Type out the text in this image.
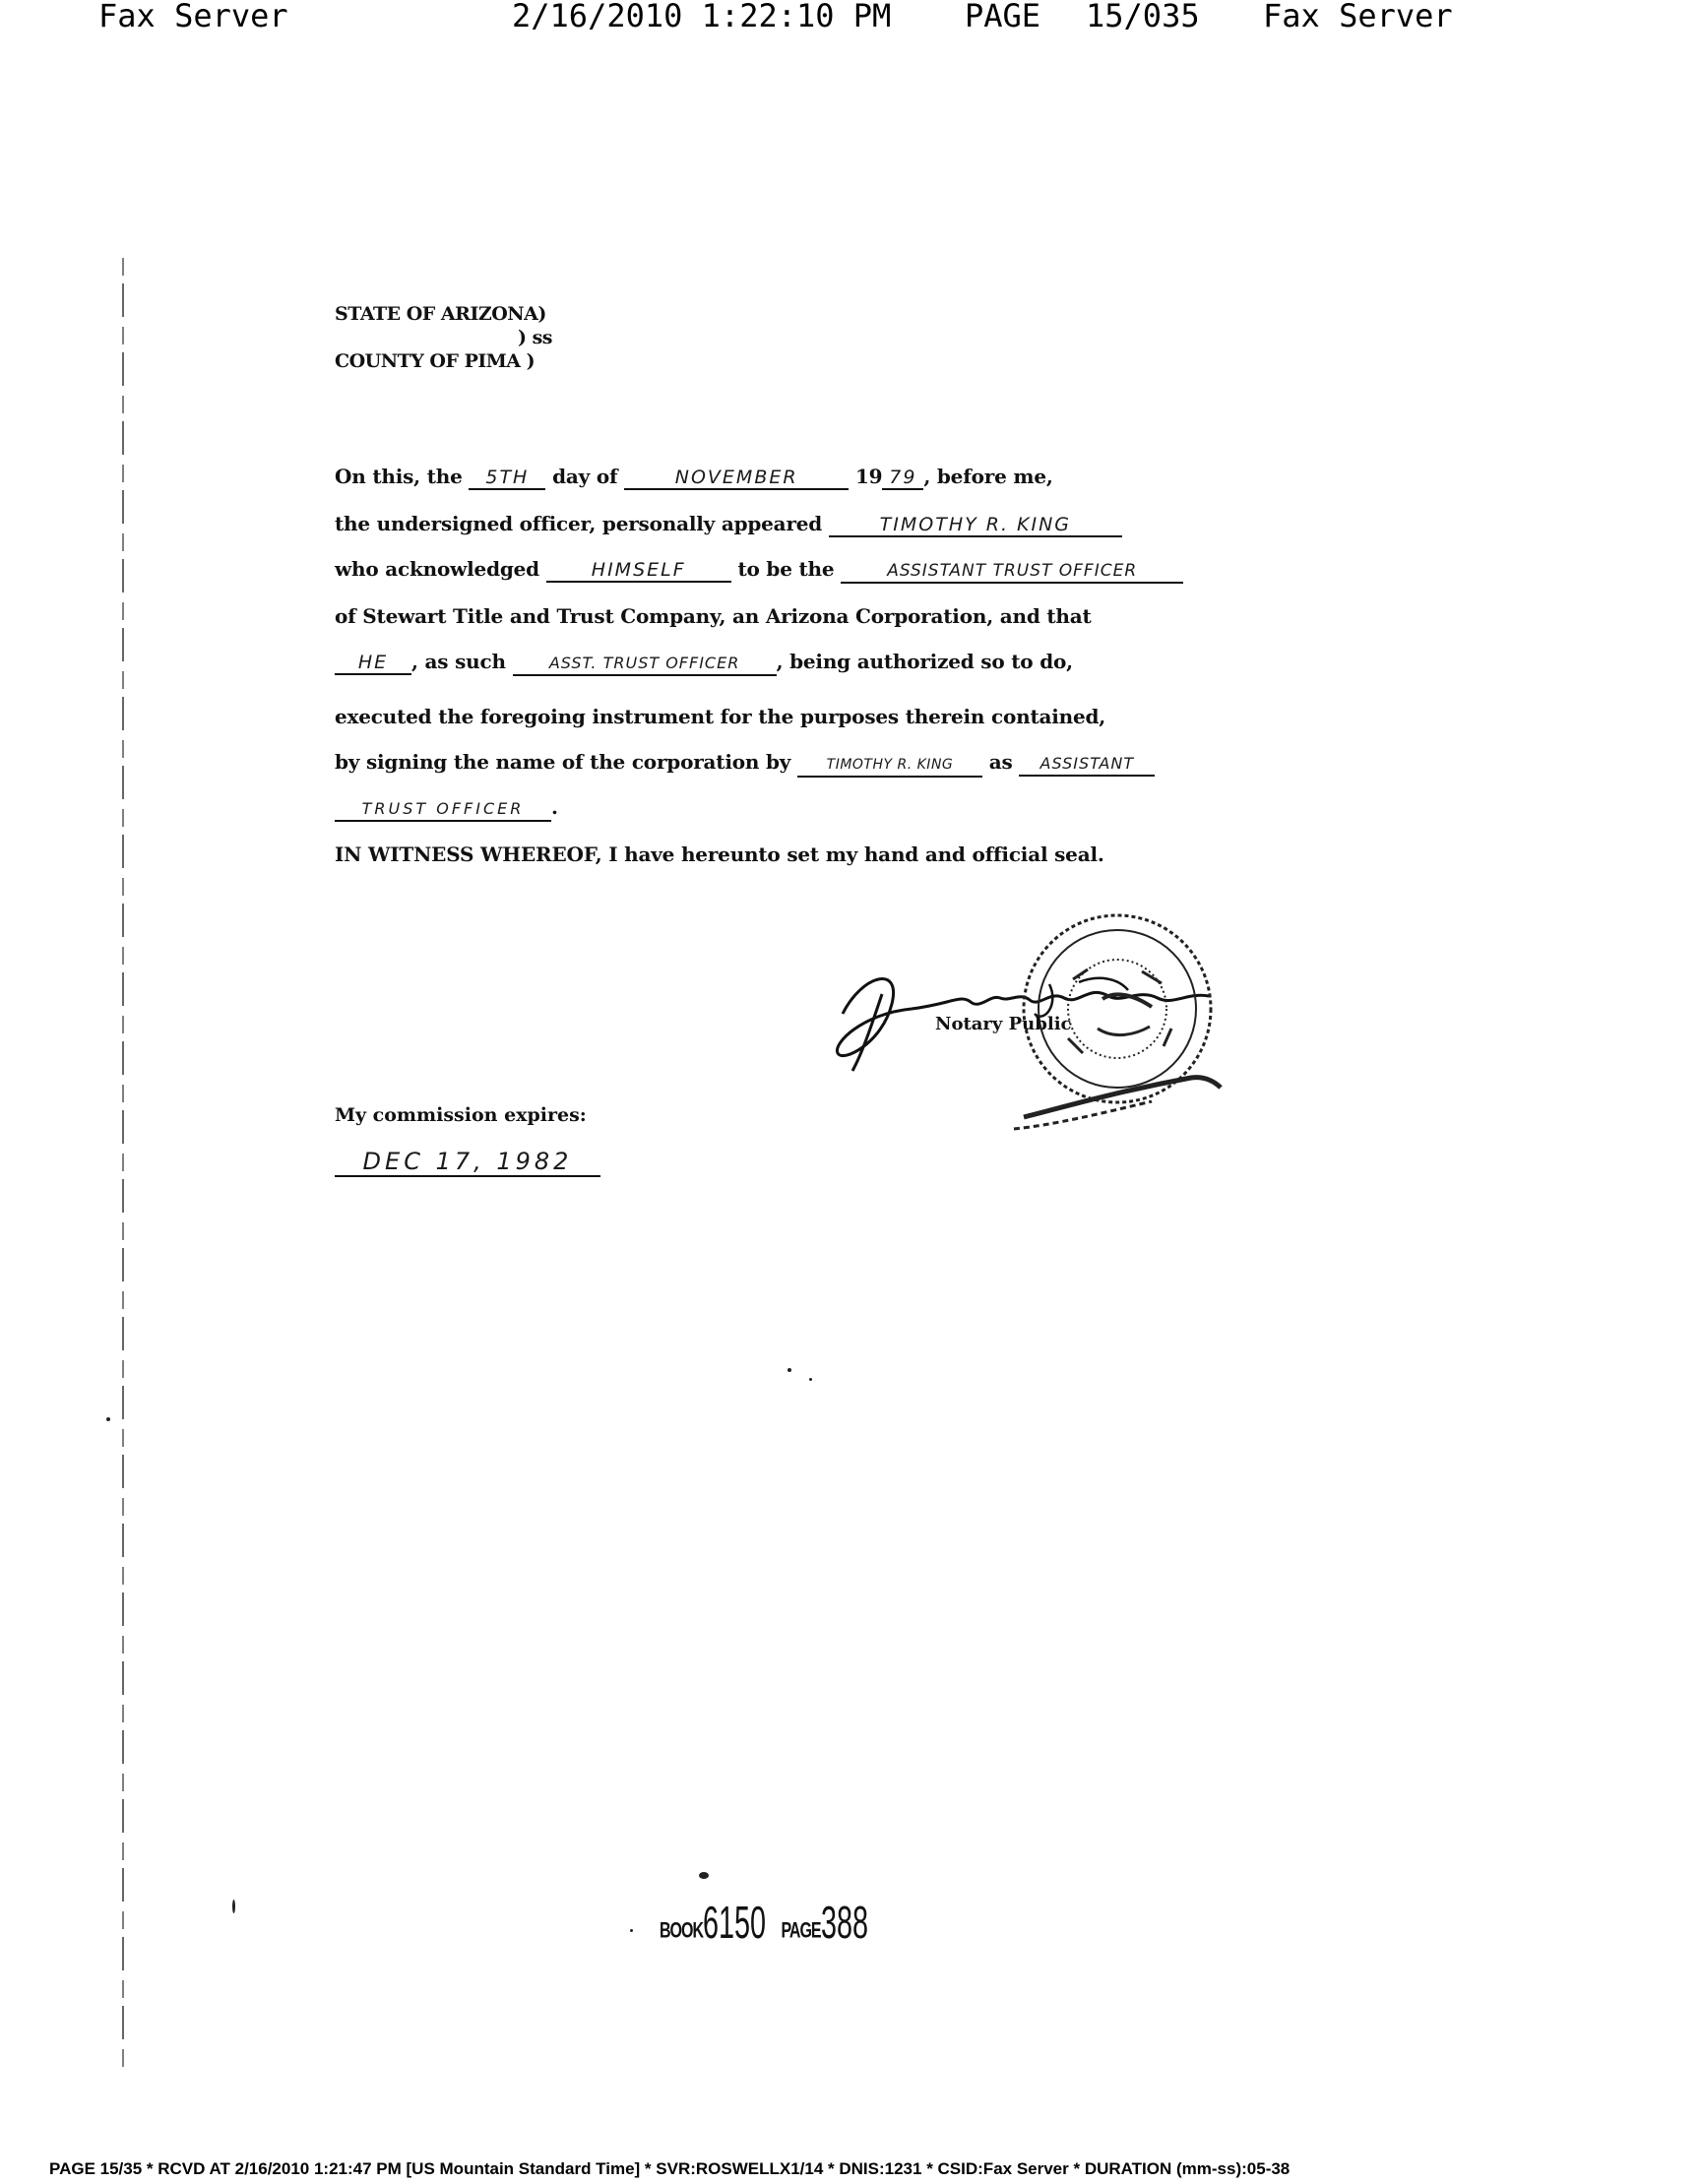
Fax Server

	2/16/2010 1:22:10 PM

PAGE

15/035

Fax Server

STATE OF ARIZONA)
) ss
COUNTY OF PIMA )
On this, the 5TH day of	NOVEMBER	19 79 , before me,
the undersigned officer, personally appeared	TIMOTHY R. KING
who acknowledged	HIMSELF	to be the	ASSISTANT TRUST OFFICER
of Stewart Title and Trust Company, an Arizona Corporation, and that
HE , as such	ASST. TRUST OFFICER , being authorized so to do,
executed the foregoing instrument for the purposes therein contained,
by signing the name of the corporation by	TIMOTHY R. KING as ASSISTANT
TRUST OFFICER .
IN WITNESS WHEREOF, I have hereunto set my hand and official seal.
Notary Public
My commission expires:
DEC 17, 1982
BOOK6150 PAGE388
PAGE 15/35 * RCVD AT 2/16/2010 1:21:47 PM [US Mountain Standard Time] * SVR:ROSWELLX1/14 * DNIS:1231 * CSID:Fax Server * DURATION (mm-ss):05-38
